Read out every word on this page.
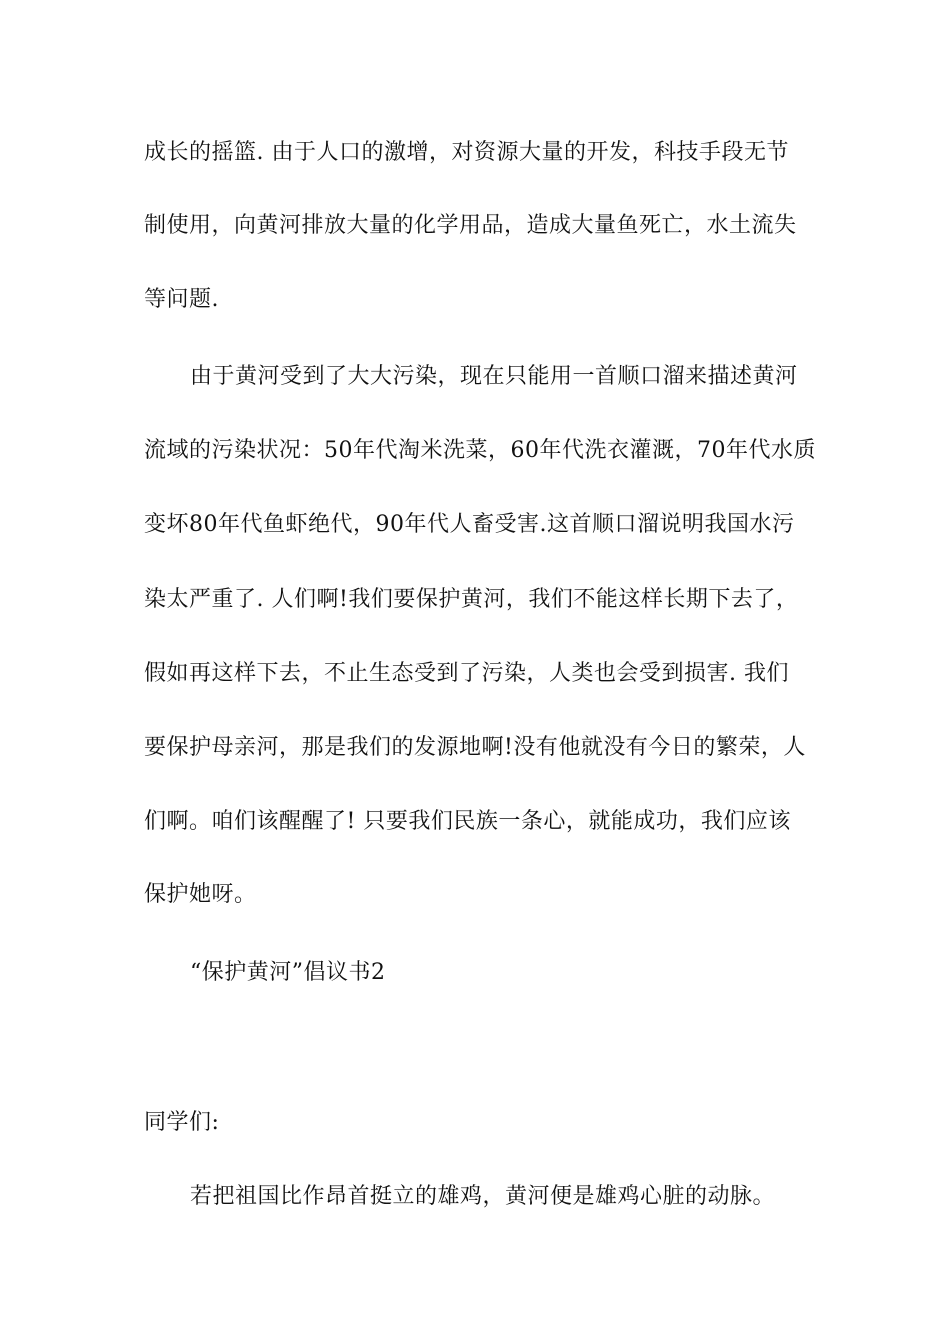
成长的摇篮. 由于人口的激增，对资源大量的开发，科技手段无节
制使用，向黄河排放大量的化学用品，造成大量鱼死亡，水土流失
等问题.
由于黄河受到了大大污染，现在只能用一首顺口溜来描述黄河
流域的污染状况：50年代淘米洗菜，60年代洗衣灌溉，70年代水质
变坏80年代鱼虾绝代，90年代人畜受害.这首顺口溜说明我国水污
染太严重了. 人们啊!我们要保护黄河，我们不能这样长期下去了，
假如再这样下去，不止生态受到了污染，人类也会受到损害. 我们
要保护母亲河，那是我们的发源地啊!没有他就没有今日的繁荣，人
们啊。咱们该醒醒了! 只要我们民族一条心，就能成功，我们应该
保护她呀。
“保护黄河”倡议书2
同学们:
若把祖国比作昂首挺立的雄鸡，黄河便是雄鸡心脏的动脉。
